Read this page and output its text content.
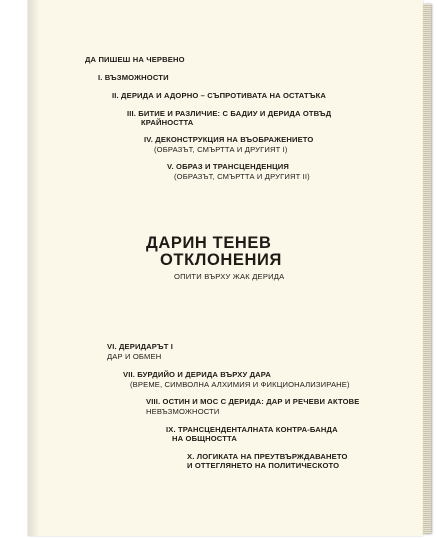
ДА ПИШЕШ НА ЧЕРВЕНО

I. ВЪЗМОЖНОСТИ

II. ДЕРИДА И АДОРНО – СЪПРОТИВАТА НА ОСТАТЪКА

III. БИТИЕ И РАЗЛИЧИЕ: С БАДИУ И ДЕРИДА ОТВЪД

КРАЙНОСТТА

IV. ДЕКОНСТРУКЦИЯ НА ВЪОБРАЖЕНИЕТО

(ОБРАЗЪТ, СМЪРТТА И ДРУГИЯТ I)

V. ОБРАЗ И ТРАНСЦЕНДЕНЦИЯ

(ОБРАЗЪТ, СМЪРТТА И ДРУГИЯТ II)

ДАРИН ТЕНЕВ

ОТКЛОНЕНИЯ

ОПИТИ ВЪРХУ ЖАК ДЕРИДА

VI. ДЕРИДАРЪТ I

ДАР И ОБМЕН

VII. БУРДИЙО И ДЕРИДА ВЪРХУ ДАРА

(ВРЕМЕ, СИМВОЛНА АЛХИМИЯ И ФИКЦИОНАЛИЗИРАНЕ)

VIII. ОСТИН И МОС С ДЕРИДА: ДАР И РЕЧЕВИ АКТОВЕ

НЕВЪЗМОЖНОСТИ

IX. ТРАНСЦЕНДЕНТАЛНАТА КОНТРА-БАНДА

НА ОБЩНОСТТА

X. ЛОГИКАТА НА ПРЕУТВЪРЖДАВАНЕТО

И ОТТЕГЛЯНЕТО НА ПОЛИТИЧЕСКОТО
